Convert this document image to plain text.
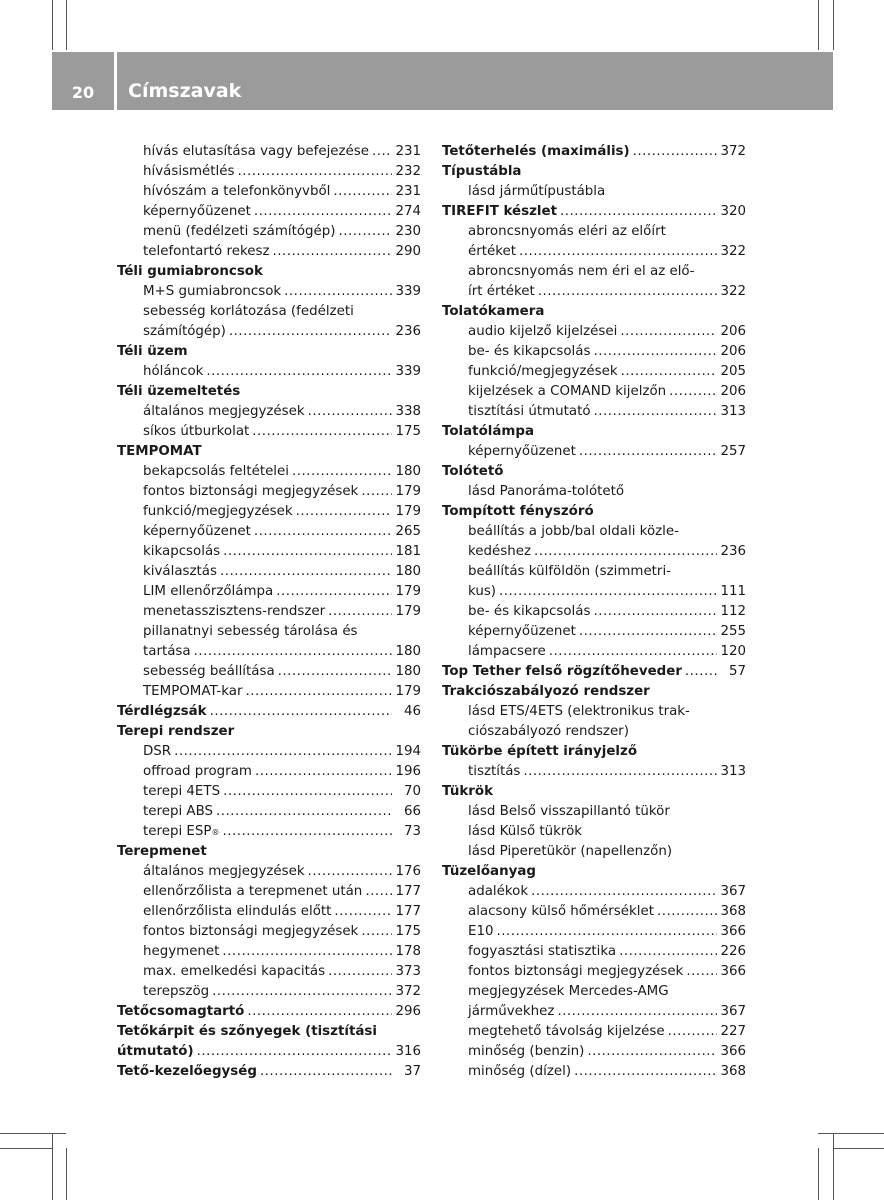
20	Címszavak
hívás elutasítása vagy befejezése ..... 231
hívásismétlés .....	232
hívószám a telefonkönyvből .....	231
képernyőüzenet .....	274
menü (fedélzeti számítógép) .....	230
telefontartó rekesz .....	290
Téli gumiabroncsok
M+S gumiabroncsok .....	339
sebesség korlátozása (fedélzeti
számítógép) .....	236
Téli üzem
hóláncok .....	339
Téli üzemeltetés
általános megjegyzések .....	338
síkos útburkolat .....	175
TEMPOMAT
bekapcsolás feltételei .....	180
fontos biztonsági megjegyzések .....	179
funkció/megjegyzések .....	179
képernyőüzenet .....	265
kikapcsolás .....	181
kiválasztás .....	180
LIM ellenőrzőlámpa .....	179
menetasszisztens-rendszer .....	179
pillanatnyi sebesség tárolása és
tartása .....	180
sebesség beállítása .....	180
TEMPOMAT-kar .....	179
Térdlégzsák .....	46
Terepi rendszer
DSR .....	194
offroad program .....	196
terepi 4ETS .....	70
terepi ABS .....	66
terepi ESP ® .....	73
Terepmenet
általános megjegyzések .....	176
ellenőrzőlista a terepmenet után ..... 177
ellenőrzőlista elindulás előtt .....	177
fontos biztonsági megjegyzések .....	175
hegymenet .....	178
max. emelkedési kapacitás .....	373
terepszög .....	372
Tetőcsomagtartó .....	296
Tetőkárpit és szőnyegek (tisztítási
útmutató) .....	316
Tető-kezelőegység .....	37
Tetőterhelés (maximális) .....	372
Típustábla
lásd járműtípustábla
TIREFIT készlet .....	320
abroncsnyomás eléri az előírt
értéket .....	322
abroncsnyomás nem éri el az elő-
írt értéket .....	322
Tolatókamera
audio kijelző kijelzései .....	206
be- és kikapcsolás .....	206
funkció/megjegyzések .....	205
kijelzések a COMAND kijelzőn .....	206
tisztítási útmutató .....	313
Tolatólámpa
képernyőüzenet .....	257
Tolótető
lásd Panoráma-tolótető
Tompított fényszóró
beállítás a jobb/bal oldali közle-
kedéshez .....	236
beállítás külföldön (szimmetri-
kus) .....	111
be- és kikapcsolás .....	112
képernyőüzenet .....	255
lámpacsere .....	120
Top Tether felső rögzítőheveder .....	57
Trakciószabályozó rendszer
lásd ETS/4ETS (elektronikus trak-
ciószabályozó rendszer)
Tükörbe épített irányjelző
tisztítás .....	313
Tükrök
lásd Belső visszapillantó tükör
lásd Külső tükrök
lásd Piperetükör (napellenzőn)
Tüzelőanyag
adalékok .....	367
alacsony külső hőmérséklet .....	368
E10 .....	366
fogyasztási statisztika .....	226
fontos biztonsági megjegyzések .....	366
megjegyzések Mercedes-AMG
járművekhez .....	367
megtehető távolság kijelzése .....	227
minőség (benzin) .....	366
minőség (dízel) .....	368
